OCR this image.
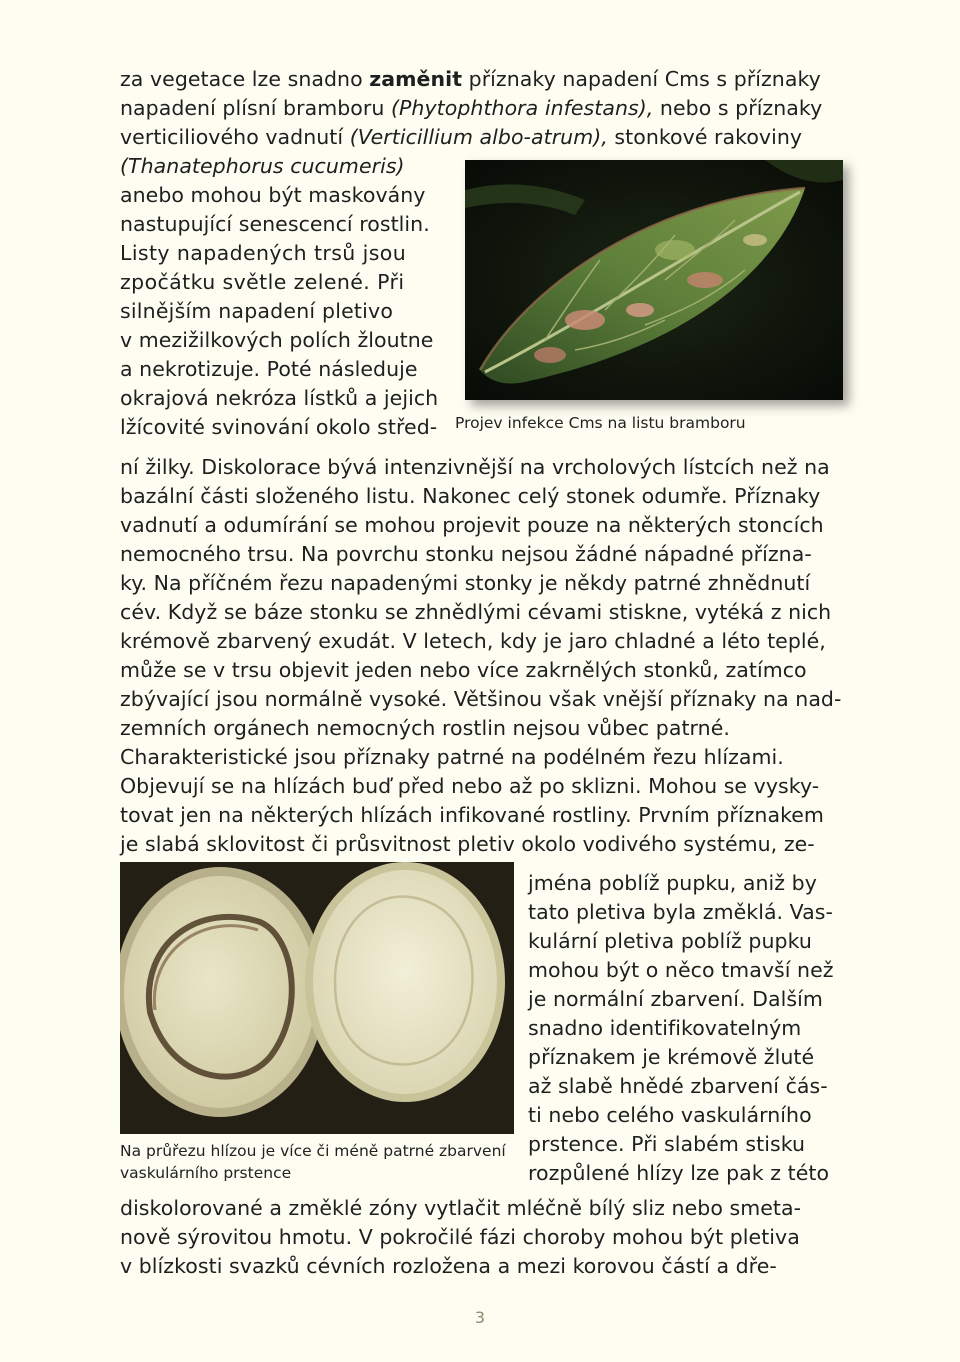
za vegetace lze snadno zaměnit příznaky napadení Cms s příznaky
napadení plísní bramboru (Phytophthora infestans), nebo s příznaky
verticiliového vadnutí (Verticillium albo-atrum), stonkové rakoviny
(Thanatephorus cucumeris)
anebo mohou být maskovány
nastupující senescencí rostlin.
Listy napadených trsů jsou
zpočátku světle zelené. Při
silnějším napadení pletivo
v mezižilkových polích žloutne
a nekrotizuje. Poté následuje
okrajová nekróza lístků a jejich
lžícovité svinování okolo střed-	Projev infekce Cms na listu bramboru
ní žilky. Diskolorace bývá intenzivnější na vrcholových lístcích než na
bazální části složeného listu. Nakonec celý stonek odumře. Příznaky
vadnutí a odumírání se mohou projevit pouze na některých stoncích
nemocného trsu. Na povrchu stonku nejsou žádné nápadné přízna-
ky. Na příčném řezu napadenými stonky je někdy patrné zhnědnutí
cév. Když se báze stonku se zhnědlými cévami stiskne, vytéká z nich
krémově zbarvený exudát. V letech, kdy je jaro chladné a léto teplé,
může se v trsu objevit jeden nebo více zakrnělých stonků, zatímco
zbývající jsou normálně vysoké. Většinou však vnější příznaky na nad-
zemních orgánech nemocných rostlin nejsou vůbec patrné.
Charakteristické jsou příznaky patrné na podélném řezu hlízami.
Objevují se na hlízách buď před nebo až po sklizni. Mohou se vysky-
tovat jen na některých hlízách infikované rostliny. Prvním příznakem
je slabá sklovitost či průsvitnost pletiv okolo vodivého systému, ze-
jména poblíž pupku, aniž by
tato pletiva byla změklá. Vas-
kulární pletiva poblíž pupku
mohou být o něco tmavší než
je normální zbarvení. Dalším
snadno identifikovatelným
příznakem je krémově žluté
až slabě hnědé zbarvení čás-
ti nebo celého vaskulárního
prstence. Při slabém stisku
rozpůlené hlízy lze pak z této
Na průřezu hlízou je více či méně patrné zbarvení
vaskulárního prstence
diskolorované a změklé zóny vytlačit mléčně bílý sliz nebo smeta-
nově sýrovitou hmotu. V pokročilé fázi choroby mohou být pletiva
v blízkosti svazků cévních rozložena a mezi korovou částí a dře-
3
